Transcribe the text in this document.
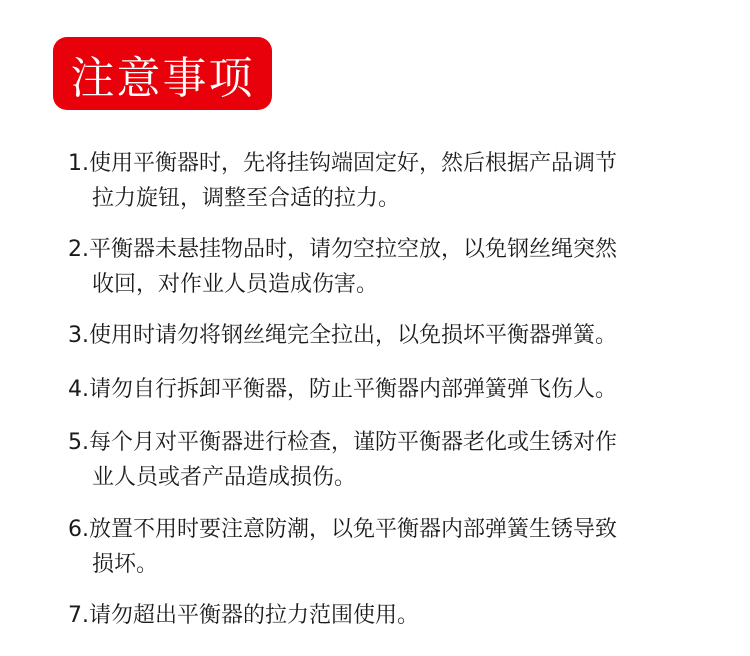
注意事项
1.使用平衡器时，先将挂钩端固定好，然后根据产品调节
拉力旋钮，调整至合适的拉力。
2.平衡器未悬挂物品时，请勿空拉空放，以免钢丝绳突然
收回，对作业人员造成伤害。
3.使用时请勿将钢丝绳完全拉出，以免损坏平衡器弹簧。
4.请勿自行拆卸平衡器，防止平衡器内部弹簧弹飞伤人。
5.每个月对平衡器进行检查，谨防平衡器老化或生锈对作
业人员或者产品造成损伤。
6.放置不用时要注意防潮，以免平衡器内部弹簧生锈导致
损坏。
7.请勿超出平衡器的拉力范围使用。
